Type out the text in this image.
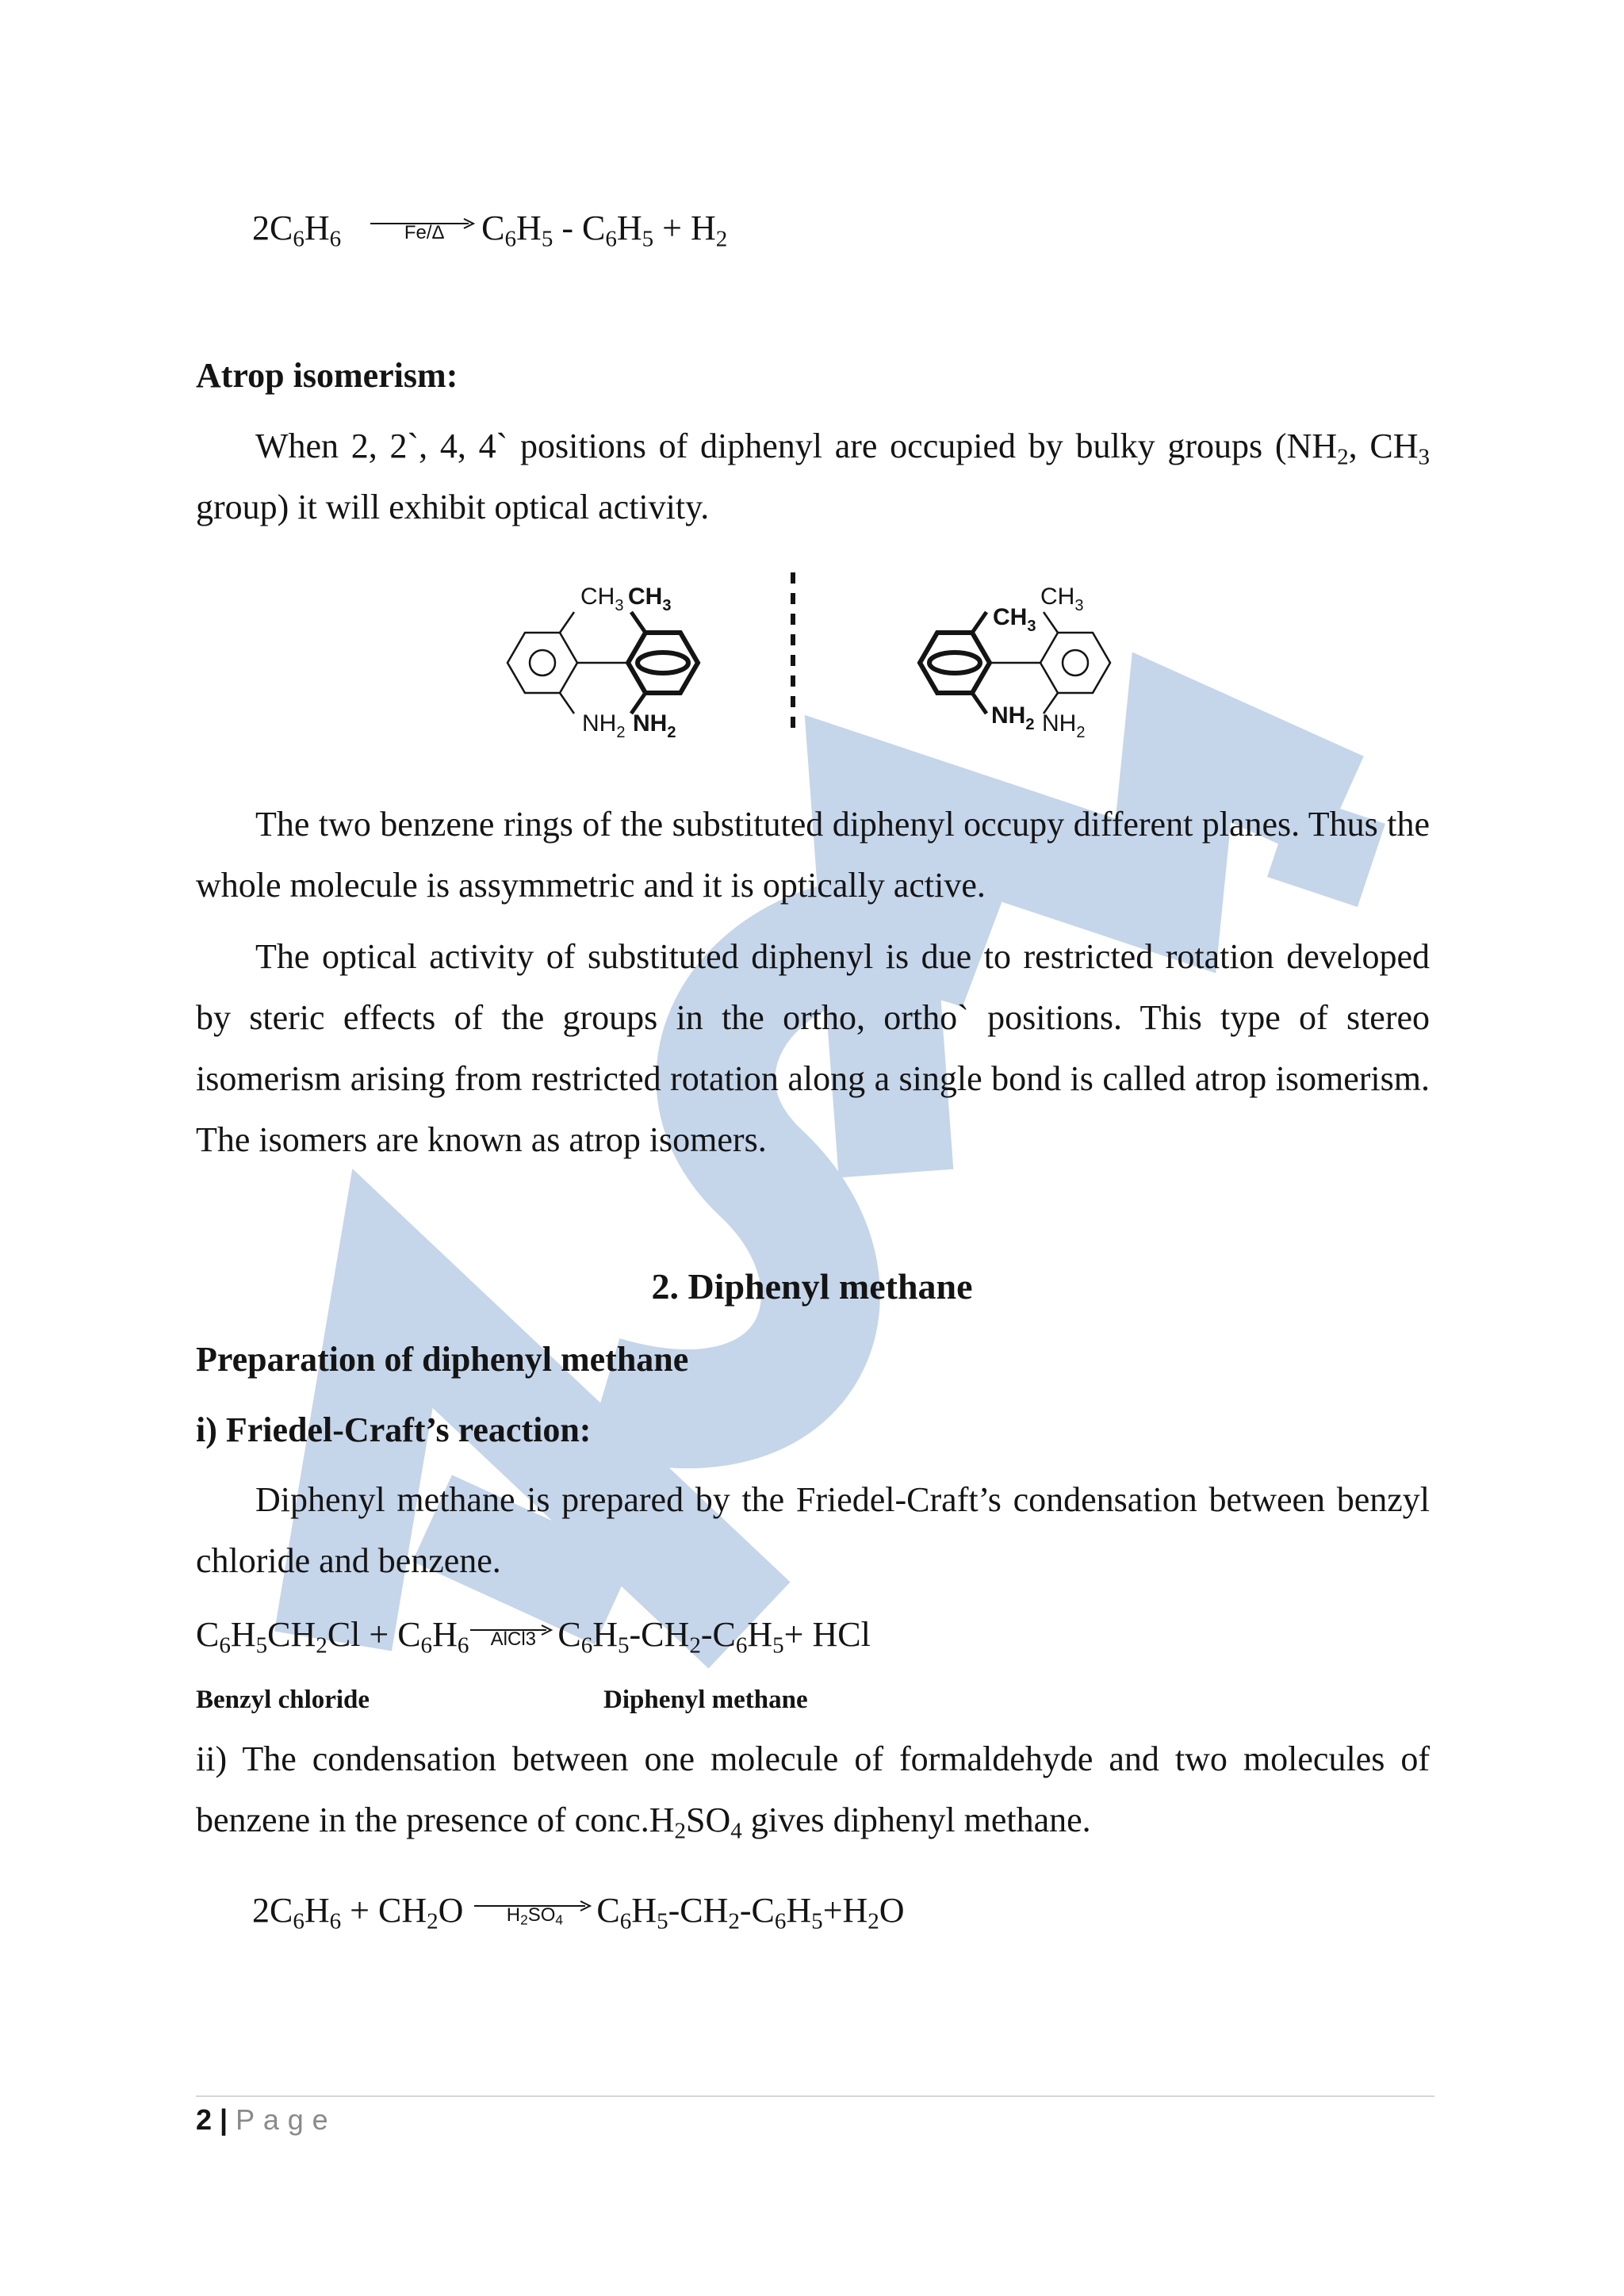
$2C_6H_6$	Fe/Δ	$C_6H_5 - C_6H_5 + H_2$
Atrop isomerism:
When 2, 2`, 4, 4` positions of diphenyl are occupied by bulky groups ($NH_2$, $CH_3$ group) it will exhibit optical activity.
$CH_3$ $CH_3$
$NH_2$ $NH_2$
$CH_3$
$CH_3$
$NH_2$ $NH_2$
The two benzene rings of the substituted diphenyl occupy different planes. Thus the whole molecule is assymmetric and it is optically active.
The optical activity of substituted diphenyl is due to restricted rotation developed by steric effects of the groups in the ortho, ortho` positions. This type of stereo isomerism arising from restricted rotation along a single bond is called atrop isomerism. The isomers are known as atrop isomers.
2. Diphenyl methane
Preparation of diphenyl methane
i) Friedel-Craft’s reaction:
Diphenyl methane is prepared by the Friedel-Craft’s condensation between benzyl chloride and benzene.
$C_6H_5CH_2Cl + C_6H_6$	AlCl3 $C_6H_5-CH_2-C_6H_5+$ HCl
Benzyl chloride	Diphenyl methane
ii) The condensation between one molecule of formaldehyde and two molecules of benzene in the presence of $conc.H_2SO_4$ gives diphenyl methane.
$2C_6H_6 + CH_2O$	$H_2SO_4$ $C_6H_5-CH_2-C_6H_5+H_2O$
2 | Page
